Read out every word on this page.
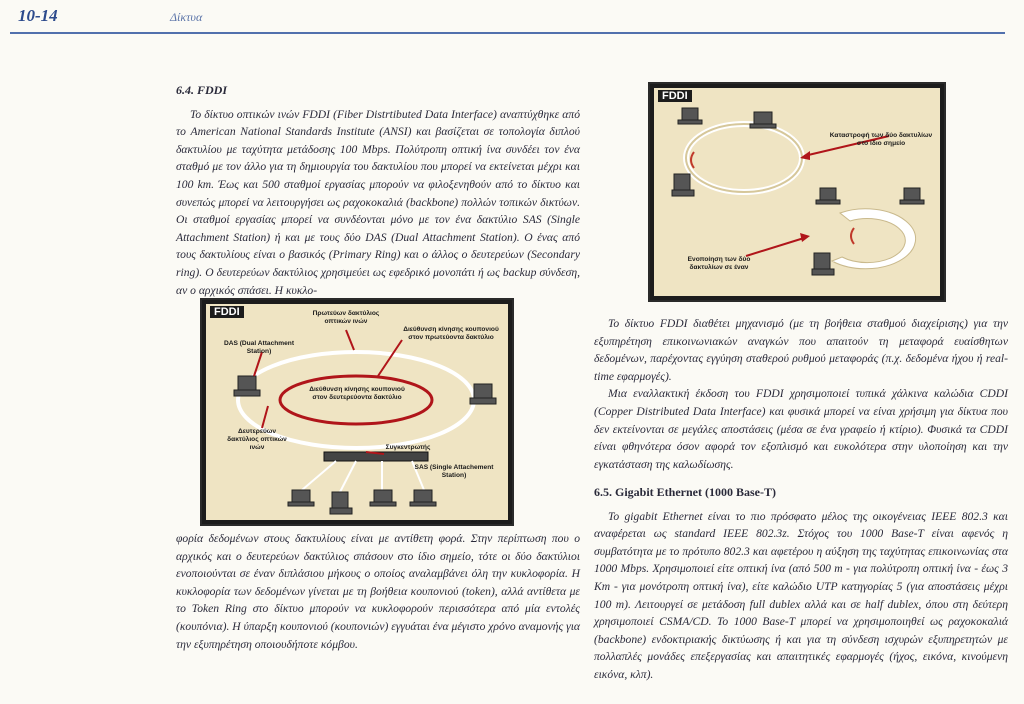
10-14	Δίκτυα

6.4. FDDI

Το δίκτυο οπτικών ινών FDDI (Fiber Distrtibuted Data Interface) αναπτύχθηκε από το American National Standards Institute (ANSI) και βασίζεται σε τοπολογία διπλού δακτυλίου με ταχύτητα μετάδοσης 100 Mbps. Πολύτροπη οπτική ίνα συνδέει τον ένα σταθμό με τον άλλο για τη δημιουργία του δακτυλίου που μπορεί να εκτείνεται μέχρι και 100 km. Έως και 500 σταθμοί εργασίας μπορούν να φιλοξενηθούν από το δίκτυο και συνεπώς μπορεί να λειτουργήσει ως ραχοκοκαλιά (backbone) πολλών τοπικών δικτύων. Οι σταθμοί εργασίας μπορεί να συνδέονται μόνο με τον ένα δακτύλιο SAS (Single Attachment Station) ή και με τους δύο DAS (Dual Attachment Station). Ο ένας από τους δακτυλίους είναι ο βασικός (Primary Ring) και ο άλλος ο δευτερεύων (Secondary ring). Ο δευτερεύων δακτύλιος χρησιμεύει ως εφεδρικό μονοπάτι ή ως backup σύνδεση, αν ο αρχικός σπάσει. Η κυκλο-

FDDI
Καταστροφή των δύο δακτυλίων στο ίδιο σημείο
Ενοποίηση των δύο δακτυλίων σε έναν
FDDI	Πρωτεύων δακτύλιος οπτικών ινών
DAS (Dual Attachment Station)
Διεύθυνση κίνησης κουπονιού στον πρωτεύοντα δακτύλιο
Διεύθυνση κίνησης κουπονιού στον δευτερεύοντα δακτύλιο
Δευτερεύων δακτύλιος οπτικών ινών	Συγκεντρωτής
SAS (Single Attachement Station)

φορία δεδομένων στους δακτυλίους είναι με αντίθετη φορά. Στην περίπτωση που ο αρχικός και ο δευτερεύων δακτύλιος σπάσουν στο ίδιο σημείο, τότε οι δύο δακτύλιοι ενοποιούνται σε έναν διπλάσιου μήκους ο οποίος αναλαμβάνει όλη την κυκλοφορία. Η κυκλοφορία των δεδομένων γίνεται με τη βοήθεια κουπονιού (token), αλλά αντίθετα με το Token Ring στο δίκτυο μπορούν να κυκλοφορούν περισσότερα από μία εντολές (κουπόνια). Η ύπαρξη κουπονιού (κουπονιών) εγγυάται ένα μέγιστο χρόνο αναμονής για την εξυπηρέτηση οποιουδήποτε κόμβου.

Το δίκτυο FDDI διαθέτει μηχανισμό (με τη βοήθεια σταθμού διαχείρισης) για την εξυπηρέτηση επικοινωνιακών αναγκών που απαιτούν τη μεταφορά ευαίσθητων δεδομένων, παρέχοντας εγγύηση σταθερού ρυθμού μεταφοράς (π.χ. δεδομένα ήχου ή real-time εφαρμογές).

Μια εναλλακτική έκδοση του FDDI χρησιμοποιεί τυπικά χάλκινα καλώδια CDDI (Copper Distributed Data Interface) και φυσικά μπορεί να είναι χρήσιμη για δίκτυα που δεν εκτείνονται σε μεγάλες αποστάσεις (μέσα σε ένα γραφείο ή κτίριο). Φυσικά τα CDDI είναι φθηνότερα όσον αφορά τον εξοπλισμό και ευκολότερα στην υλοποίηση και την εγκατάσταση της καλωδίωσης.

6.5. Gigabit Ethernet (1000 Base-T)

Το gigabit Ethernet είναι το πιο πρόσφατο μέλος της οικογένειας IEEE 802.3 και αναφέρεται ως standard IEEE 802.3z. Στόχος του 1000 Base-T είναι αφενός η συμβατότητα με το πρότυπο 802.3 και αφετέρου η αύξηση της ταχύτητας επικοινωνίας στα 1000 Mbps. Χρησιμοποιεί είτε οπτική ίνα (από 500 m - για πολύτροπη οπτική ίνα - έως 3 Km - για μονότροπη οπτική ίνα), είτε καλώδιο UTP κατηγορίας 5 (για αποστάσεις μέχρι 100 m). Λειτουργεί σε μετάδοση full dublex αλλά και σε half dublex, όπου στη δεύτερη χρησιμοποιεί CSMA/CD. Το 1000 Base-T μπορεί να χρησιμοποιηθεί ως ραχοκοκαλιά (backbone) ενδοκτιριακής δικτύωσης ή και για τη σύνδεση ισχυρών εξυπηρετητών με πολλαπλές μονάδες επεξεργασίας και απαιτητικές εφαρμογές (ήχος, εικόνα, κινούμενη εικόνα, κλπ).
